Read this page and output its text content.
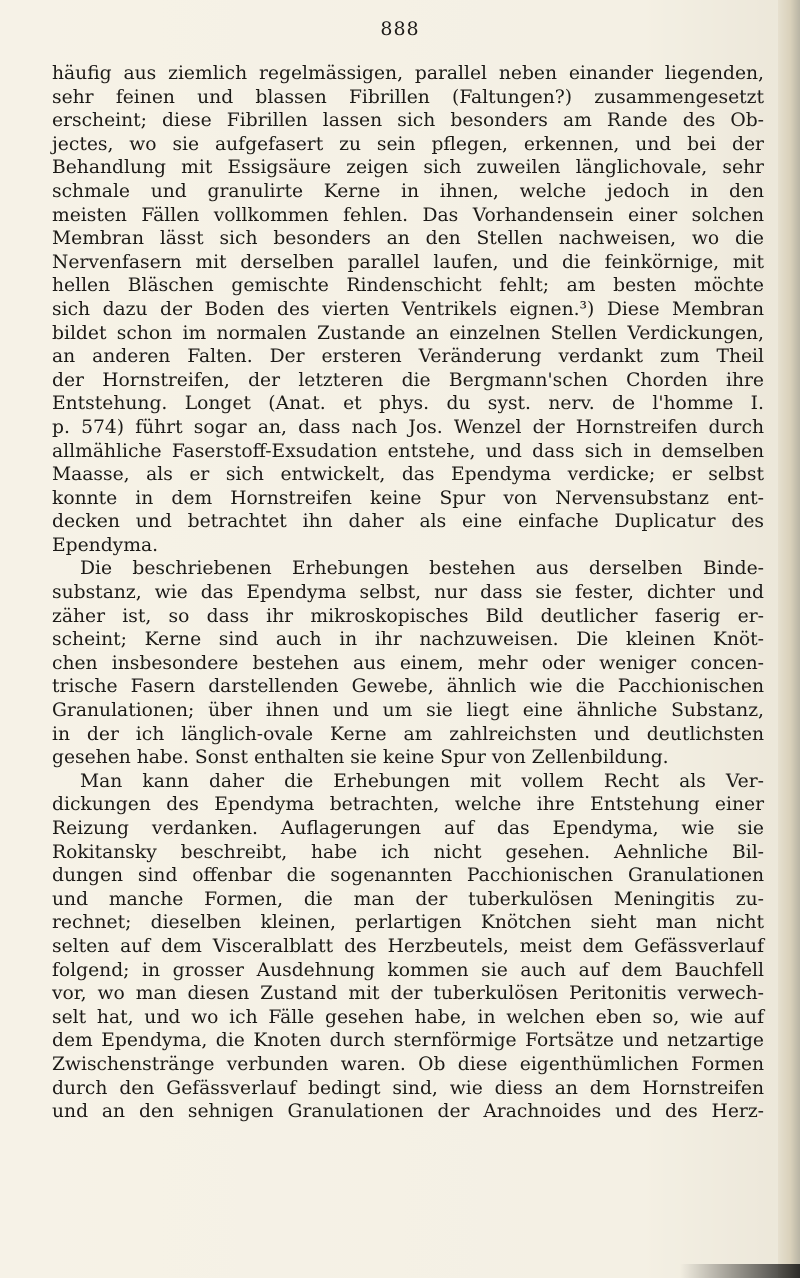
888
häufig aus ziemlich regelmässigen, parallel neben einander liegenden,
sehr feinen und blassen Fibrillen (Faltungen?) zusammengesetzt
erscheint; diese Fibrillen lassen sich besonders am Rande des Ob-
jectes, wo sie aufgefasert zu sein pflegen, erkennen, und bei der
Behandlung mit Essigsäure zeigen sich zuweilen länglichovale, sehr
schmale und granulirte Kerne in ihnen, welche jedoch in den
meisten Fällen vollkommen fehlen. Das Vorhandensein einer solchen
Membran lässt sich besonders an den Stellen nachweisen, wo die
Nervenfasern mit derselben parallel laufen, und die feinkörnige, mit
hellen Bläschen gemischte Rindenschicht fehlt; am besten möchte
sich dazu der Boden des vierten Ventrikels eignen.³) Diese Membran
bildet schon im normalen Zustande an einzelnen Stellen Verdickungen,
an anderen Falten. Der ersteren Veränderung verdankt zum Theil
der Hornstreifen, der letzteren die Bergmann'schen Chorden ihre
Entstehung. Longet (Anat. et phys. du syst. nerv. de l'homme I.
p. 574) führt sogar an, dass nach Jos. Wenzel der Hornstreifen durch
allmähliche Faserstoff-Exsudation entstehe, und dass sich in demselben
Maasse, als er sich entwickelt, das Ependyma verdicke; er selbst
konnte in dem Hornstreifen keine Spur von Nervensubstanz ent-
decken und betrachtet ihn daher als eine einfache Duplicatur des
Ependyma.
Die beschriebenen Erhebungen bestehen aus derselben Binde-
substanz, wie das Ependyma selbst, nur dass sie fester, dichter und
zäher ist, so dass ihr mikroskopisches Bild deutlicher faserig er-
scheint; Kerne sind auch in ihr nachzuweisen. Die kleinen Knöt-
chen insbesondere bestehen aus einem, mehr oder weniger concen-
trische Fasern darstellenden Gewebe, ähnlich wie die Pacchionischen
Granulationen; über ihnen und um sie liegt eine ähnliche Substanz,
in der ich länglich-ovale Kerne am zahlreichsten und deutlichsten
gesehen habe. Sonst enthalten sie keine Spur von Zellenbildung.
Man kann daher die Erhebungen mit vollem Recht als Ver-
dickungen des Ependyma betrachten, welche ihre Entstehung einer
Reizung verdanken. Auflagerungen auf das Ependyma, wie sie
Rokitansky beschreibt, habe ich nicht gesehen. Aehnliche Bil-
dungen sind offenbar die sogenannten Pacchionischen Granulationen
und manche Formen, die man der tuberkulösen Meningitis zu-
rechnet; dieselben kleinen, perlartigen Knötchen sieht man nicht
selten auf dem Visceralblatt des Herzbeutels, meist dem Gefässverlauf
folgend; in grosser Ausdehnung kommen sie auch auf dem Bauchfell
vor, wo man diesen Zustand mit der tuberkulösen Peritonitis verwech-
selt hat, und wo ich Fälle gesehen habe, in welchen eben so, wie auf
dem Ependyma, die Knoten durch sternförmige Fortsätze und netzartige
Zwischenstränge verbunden waren. Ob diese eigenthümlichen Formen
durch den Gefässverlauf bedingt sind, wie diess an dem Hornstreifen
und an den sehnigen Granulationen der Arachnoides und des Herz-
